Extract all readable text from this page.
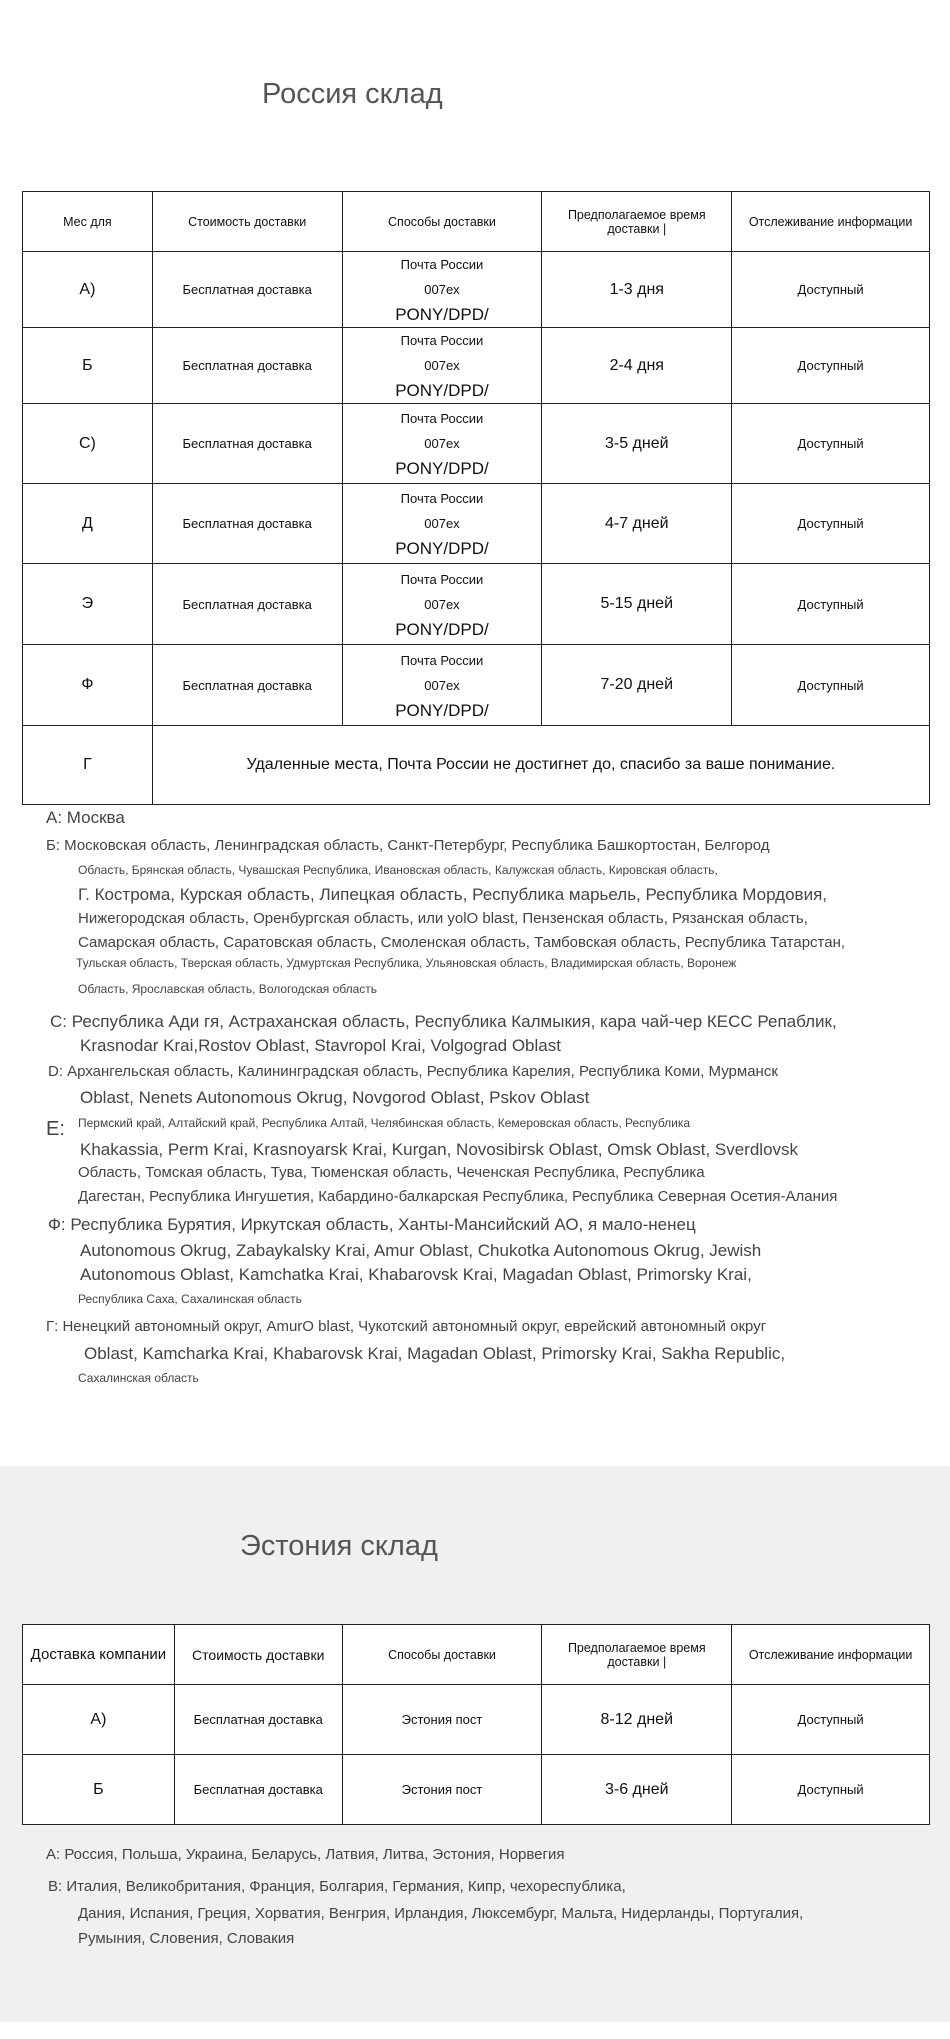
Россия склад
Мес для	Стоимость доставки	Способы доставки	Предполагаемое время доставки |	Отслеживание информации
А)	Бесплатная доставка	Почта России
007ex
PONY/DPD/	1-3 дня	Доступный
Б	Бесплатная доставка	Почта России
007ex
PONY/DPD/	2-4 дня	Доступный
С)	Бесплатная доставка	Почта России
007ex
PONY/DPD/	3-5 дней	Доступный
Д	Бесплатная доставка	Почта России
007ex
PONY/DPD/	4-7 дней	Доступный
Э	Бесплатная доставка	Почта России
007ex
PONY/DPD/	5-15 дней	Доступный
Ф	Бесплатная доставка	Почта России
007ex
PONY/DPD/	7-20 дней	Доступный
Г	Удаленные места, Почта России не достигнет до, спасибо за ваше понимание.			
А: Москва
Б: Московская область, Ленинградская область, Санкт-Петербург, Республика Башкортостан, Белгород
Область, Брянская область, Чувашская Республика, Ивановская область, Калужская область, Кировская область,
Г. Кострома, Курская область, Липецкая область, Республика марьель, Республика Мордовия,
Нижегородская область, Оренбургская область, или yolO blast, Пензенская область, Рязанская область,
Самарская область, Саратовская область, Смоленская область, Тамбовская область, Республика Татарстан,
Тульская область, Тверская область, Удмуртская Республика, Ульяновская область, Владимирская область, Воронеж
Область, Ярославская область, Вологодская область
С: Республика Ади гя, Астраханская область, Республика Калмыкия, кара чай-чер КЕСС Репаблик,
Krasnodar Krai,Rostov Oblast, Stavropol Krai, Volgograd Oblast
D: Архангельская область, Калининградская область, Республика Карелия, Республика Коми, Мурманск
Oblast, Nenets Autonomous Okrug, Novgorod Oblast, Pskov Oblast
E: Пермский край, Алтайский край, Республика Алтай, Челябинская область, Кемеровская область, Республика
Khakassia, Perm Krai, Krasnoyarsk Krai, Kurgan, Novosibirsk Oblast, Omsk Oblast, Sverdlovsk
Область, Томская область, Тува, Тюменская область, Чеченская Республика, Республика
Дагестан, Республика Ингушетия, Кабардино-балкарская Республика, Республика Северная Осетия-Алания
Ф: Республика Бурятия, Иркутская область, Ханты-Мансийский АО, я мало-ненец
Autonomous Okrug, Zabaykalsky Krai, Amur Oblast, Chukotka Autonomous Okrug, Jewish
Autonomous Oblast, Kamchatka Krai, Khabarovsk Krai, Magadan Oblast, Primorsky Krai,
Республика Саха, Сахалинская область
Г: Ненецкий автономный округ, AmurO blast, Чукотский автономный округ, еврейский автономный округ
Oblast, Kamcharka Krai, Khabarovsk Krai, Magadan Oblast, Primorsky Krai, Sakha Republic,
Сахалинская область
Эстония склад
Доставка компании	Стоимость доставки	Способы доставки	Предполагаемое время доставки |	Отслеживание информации
А)	Бесплатная доставка	Эстония пост	8-12 дней	Доступный
Б	Бесплатная доставка	Эстония пост	3-6 дней	Доступный
А: Россия, Польша, Украина, Беларусь, Латвия, Литва, Эстония, Норвегия
B: Италия, Великобритания, Франция, Болгария, Германия, Кипр, чехореспублика,
Дания, Испания, Греция, Хорватия, Венгрия, Ирландия, Люксембург, Мальта, Нидерланды, Португалия,
Румыния, Словения, Словакия
